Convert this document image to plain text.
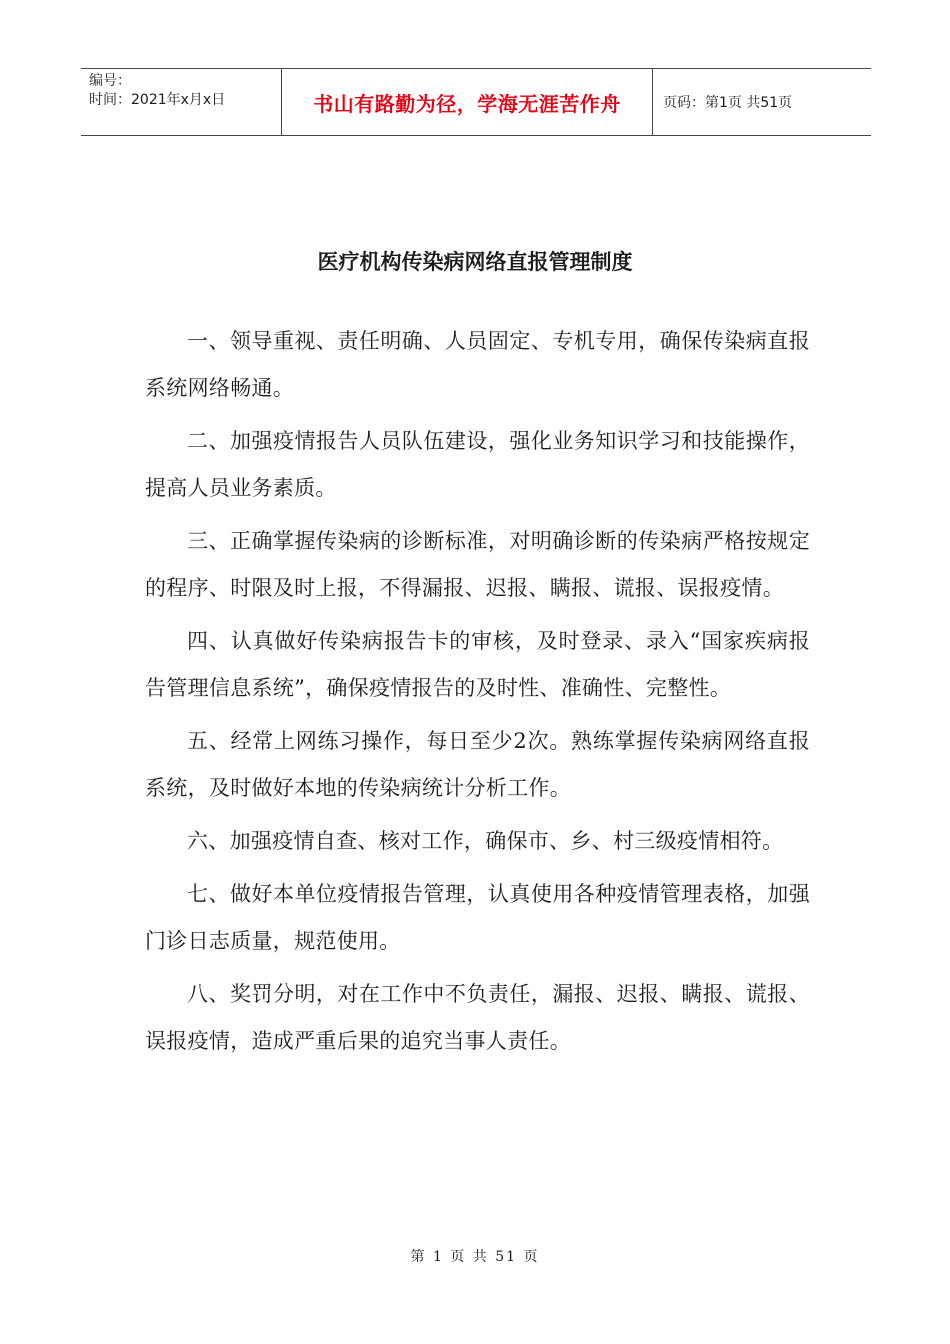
编号：
时间：2021年x月x日	书山有路勤为径，学海无涯苦作舟	页码：第1页 共51页
医疗机构传染病网络直报管理制度

一、领导重视、责任明确、人员固定、专机专用，确保传染病直报系统网络畅通。

二、加强疫情报告人员队伍建设，强化业务知识学习和技能操作，提高人员业务素质。

三、正确掌握传染病的诊断标准，对明确诊断的传染病严格按规定的程序、时限及时上报，不得漏报、迟报、瞒报、谎报、误报疫情。

四、认真做好传染病报告卡的审核，及时登录、录入“国家疾病报告管理信息系统”，确保疫情报告的及时性、准确性、完整性。

五、经常上网练习操作，每日至少2次。熟练掌握传染病网络直报系统，及时做好本地的传染病统计分析工作。

六、加强疫情自查、核对工作，确保市、乡、村三级疫情相符。

七、做好本单位疫情报告管理，认真使用各种疫情管理表格，加强门诊日志质量，规范使用。

八、奖罚分明，对在工作中不负责任，漏报、迟报、瞒报、谎报、误报疫情，造成严重后果的追究当事人责任。

第 1 页 共 51 页
